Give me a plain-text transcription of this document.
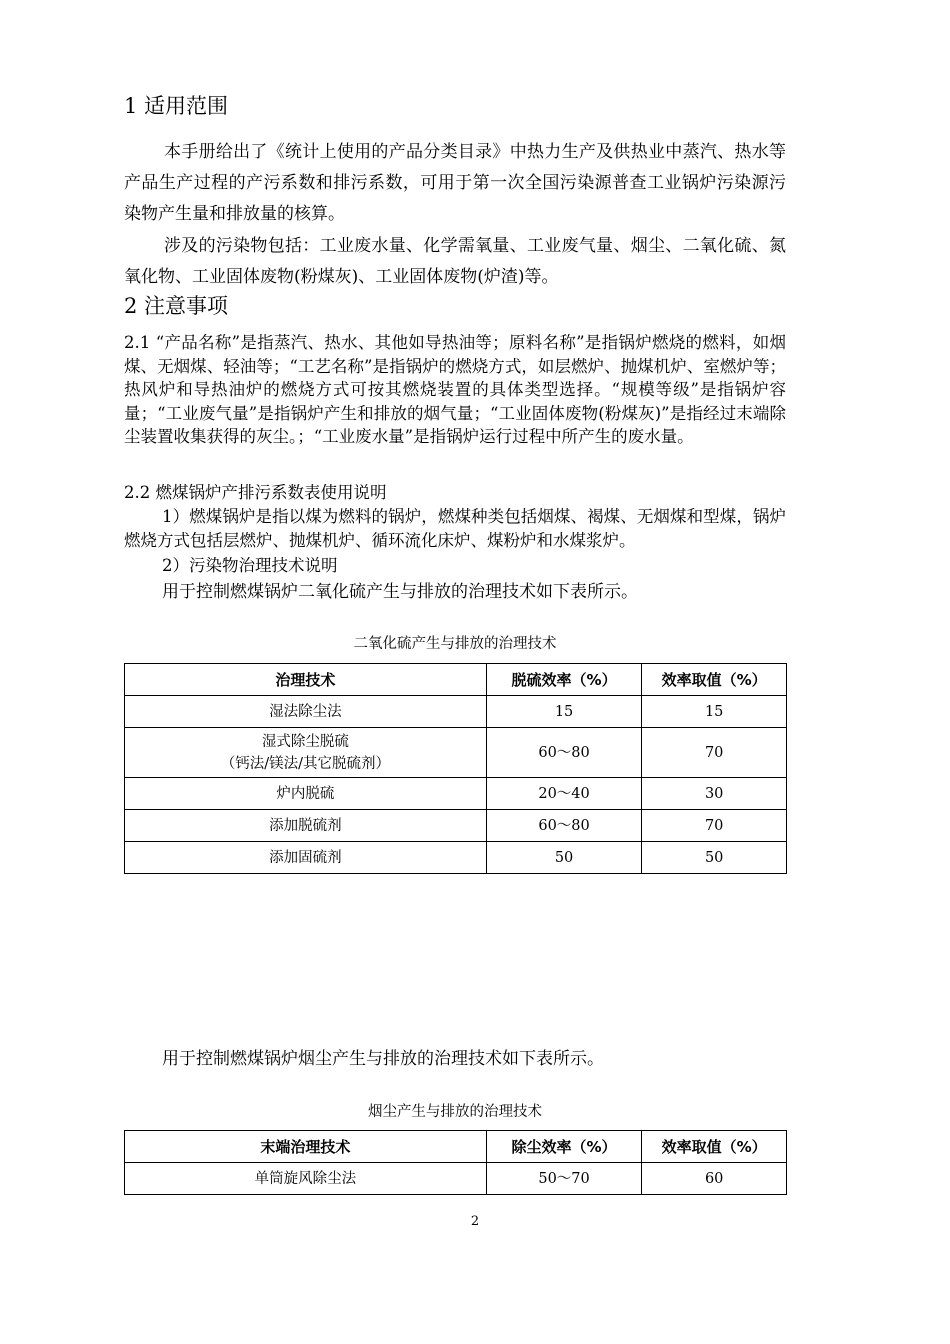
1 适用范围

本手册给出了《统计上使用的产品分类目录》中热力生产及供热业中蒸汽、热水等产品生产过程的产污系数和排污系数，可用于第一次全国污染源普查工业锅炉污染源污染物产生量和排放量的核算。

涉及的污染物包括：工业废水量、化学需氧量、工业废气量、烟尘、二氧化硫、氮氧化物、工业固体废物(粉煤灰)、工业固体废物(炉渣)等。

2 注意事项

2.1 “产品名称”是指蒸汽、热水、其他如导热油等；原料名称”是指锅炉燃烧的燃料，如烟煤、无烟煤、轻油等；“工艺名称”是指锅炉的燃烧方式，如层燃炉、抛煤机炉、室燃炉等；热风炉和导热油炉的燃烧方式可按其燃烧装置的具体类型选择。“规模等级”是指锅炉容量；“工业废气量”是指锅炉产生和排放的烟气量；“工业固体废物(粉煤灰)”是指经过末端除尘装置收集获得的灰尘。；“工业废水量”是指锅炉运行过程中所产生的废水量。

2.2 燃煤锅炉产排污系数表使用说明

1）燃煤锅炉是指以煤为燃料的锅炉，燃煤种类包括烟煤、褐煤、无烟煤和型煤，锅炉燃烧方式包括层燃炉、抛煤机炉、循环流化床炉、煤粉炉和水煤浆炉。

2）污染物治理技术说明

用于控制燃煤锅炉二氧化硫产生与排放的治理技术如下表所示。

二氧化硫产生与排放的治理技术

治理技术	脱硫效率（%）	效率取值（%）
湿法除尘法	15	15

湿式除尘脱硫
（钙法/镁法/其它脱硫剂）	60～80	70
炉内脱硫	20～40	30
添加脱硫剂	60～80	70
添加固硫剂	50	50

用于控制燃煤锅炉烟尘产生与排放的治理技术如下表所示。

烟尘产生与排放的治理技术

末端治理技术	除尘效率（%）	效率取值（%）
单筒旋风除尘法	50～70	60

2
